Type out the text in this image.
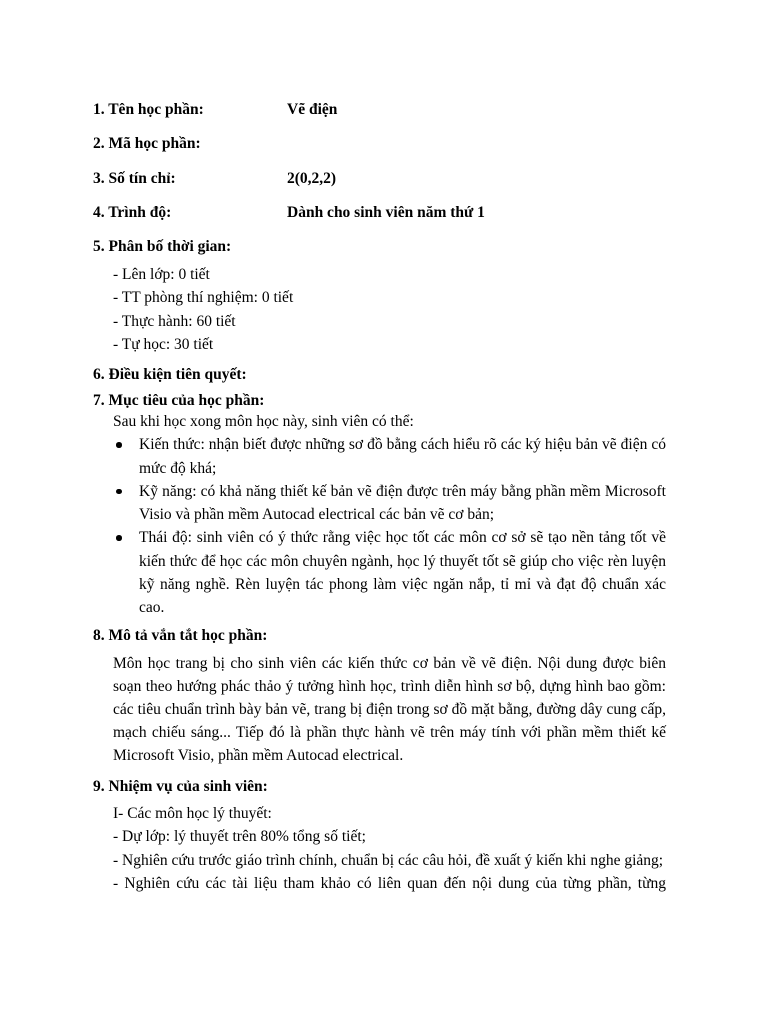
1. Tên học phần:	Vẽ điện
2. Mã học phần:
3. Số tín chỉ:	2(0,2,2)
4. Trình độ:	Dành cho sinh viên năm thứ 1
5. Phân bố thời gian:
- Lên lớp: 0 tiết
- TT phòng thí nghiệm: 0 tiết
- Thực hành: 60 tiết
- Tự học: 30 tiết
6. Điều kiện tiên quyết:
7. Mục tiêu của học phần:
Sau khi học xong môn học này, sinh viên có thể:
Kiến thức: nhận biết được những sơ đồ bằng cách hiểu rõ các ký hiệu bản vẽ điện có mức độ khá;
Kỹ năng: có khả năng thiết kế bản vẽ điện được trên máy bằng phần mềm Microsoft Visio và phần mềm Autocad electrical các bản vẽ cơ bản;
Thái độ: sinh viên có ý thức rằng việc học tốt các môn cơ sở sẽ tạo nền tảng tốt về kiến thức để học các môn chuyên ngành, học lý thuyết tốt sẽ giúp cho việc rèn luyện kỹ năng nghề. Rèn luyện tác phong làm việc ngăn nắp, tỉ mỉ và đạt độ chuẩn xác cao.
8. Mô tả vắn tắt học phần:
Môn học trang bị cho sinh viên các kiến thức cơ bản về vẽ điện. Nội dung được biên soạn theo hướng phác thảo ý tưởng hình học, trình diễn hình sơ bộ, dựng hình bao gồm: các tiêu chuẩn trình bày bản vẽ, trang bị điện trong sơ đồ mặt bằng, đường dây cung cấp, mạch chiếu sáng... Tiếp đó là phần thực hành vẽ trên máy tính với phần mềm thiết kế Microsoft Visio, phần mềm Autocad electrical.
9. Nhiệm vụ của sinh viên:
I- Các môn học lý thuyết:
- Dự lớp: lý thuyết trên 80% tổng số tiết;
- Nghiên cứu trước giáo trình chính, chuẩn bị các câu hỏi, đề xuất ý kiến khi nghe giảng;
- Nghiên cứu các tài liệu tham khảo có liên quan đến nội dung của từng phần, từng
